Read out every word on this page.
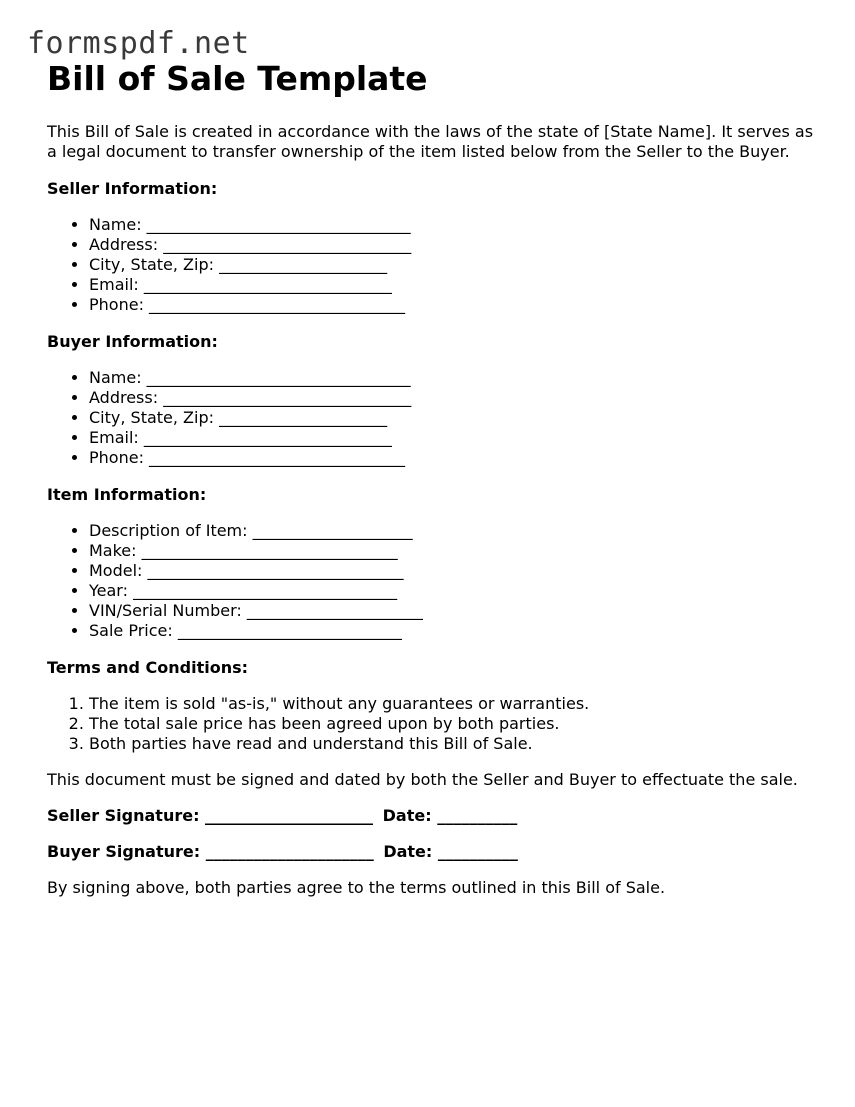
formspdf.net
Bill of Sale Template

This Bill of Sale is created in accordance with the laws of the state of [State Name]. It serves as a legal document to transfer ownership of the item listed below from the Seller to the Buyer.

Seller Information:
• Name: _________________________________
• Address: _______________________________
• City, State, Zip: _____________________
• Email: _______________________________
• Phone: ________________________________
Buyer Information:
• Name: _________________________________
• Address: _______________________________
• City, State, Zip: _____________________
• Email: _______________________________
• Phone: ________________________________
Item Information:
• Description of Item: ____________________
• Make: ________________________________
• Model: ________________________________
• Year: _________________________________
• VIN/Serial Number: ______________________
• Sale Price: ____________________________
Terms and Conditions:
1. The item is sold "as-is," without any guarantees or warranties.
2. The total sale price has been agreed upon by both parties.
3. Both parties have read and understand this Bill of Sale.

This document must be signed and dated by both the Seller and Buyer to effectuate the sale.

Seller Signature: _____________________ Date: __________

Buyer Signature: _____________________ Date: __________

By signing above, both parties agree to the terms outlined in this Bill of Sale.
